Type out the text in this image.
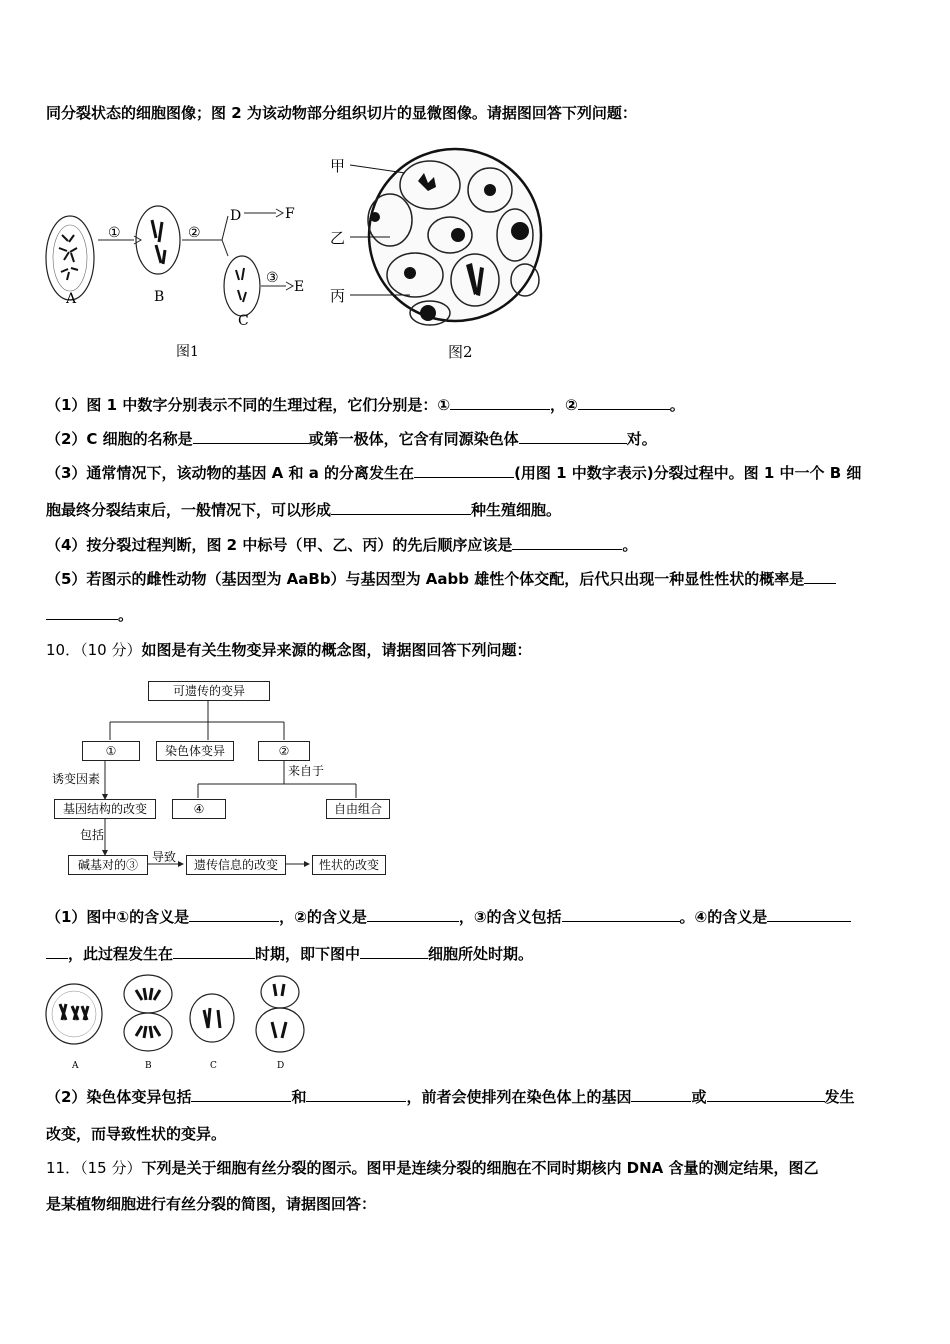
同分裂状态的细胞图像；图 2 为该动物部分组织切片的显微图像。请据图回答下列问题：
A
①
B
②
D	F
C
③
E
图1
甲
乙
丙
图2
（1）图 1 中数字分别表示不同的生理过程，它们分别是：①	，②	。
（2）C 细胞的名称是	或第一极体，它含有同源染色体	对。
（3）通常情况下，该动物的基因 A 和 a 的分离发生在	(用图 1 中数字表示)分裂过程中。图 1 中一个 B 细
胞最终分裂结束后，一般情况下，可以形成	种生殖细胞。
（4）按分裂过程判断，图 2 中标号（甲、乙、丙）的先后顺序应该是	。
（5）若图示的雌性动物（基因型为 AaBb）与基因型为 Aabb 雄性个体交配，后代只出现一种显性性状的概率是
。
10．（10 分）如图是有关生物变异来源的概念图，请据图回答下列问题：
可遗传的变异
①	染色体变异	②
来自于
④	自由组合
诱变因素
基因结构的改变
包括
碱基对的③
导致
遗传信息的改变	性状的改变
（1）图中①的含义是	，②的含义是	，③的含义包括	。④的含义是
，此过程发生在	时期，即下图中	细胞所处时期。
A	B	C	D
（2）染色体变异包括	和	，前者会使排列在染色体上的基因	或	发生
改变，而导致性状的变异。
11．（15 分）下列是关于细胞有丝分裂的图示。图甲是连续分裂的细胞在不同时期核内 DNA 含量的测定结果，图乙
是某植物细胞进行有丝分裂的简图，请据图回答：
